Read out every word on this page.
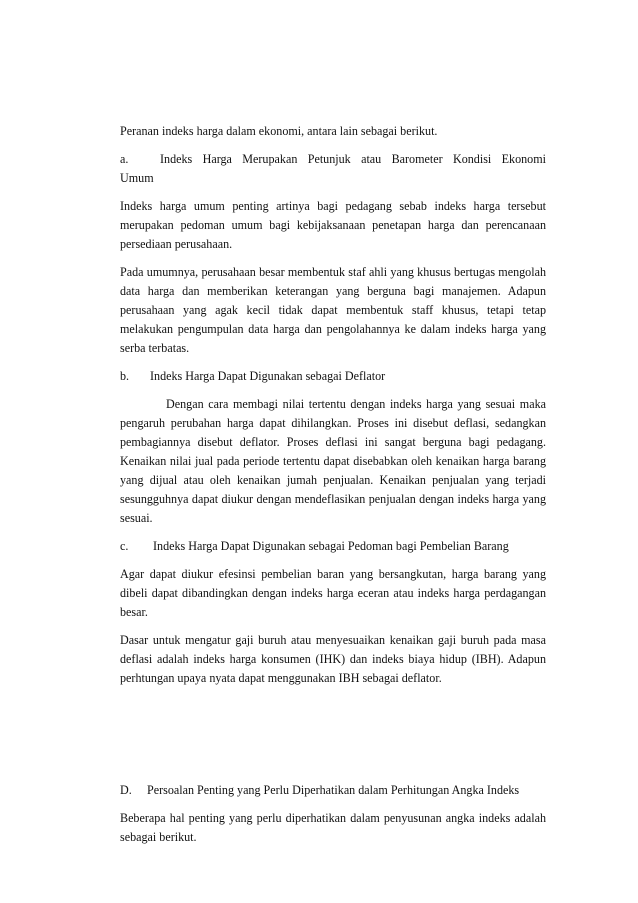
Peranan indeks harga dalam ekonomi, antara lain sebagai berikut.

a.	Indeks Harga Merupakan Petunjuk atau Barometer Kondisi Ekonomi

Umum

Indeks harga umum penting artinya bagi pedagang sebab indeks harga tersebut merupakan pedoman umum bagi kebijaksanaan penetapan harga dan perencanaan persediaan perusahaan.

Pada umumnya, perusahaan besar membentuk staf ahli yang khusus bertugas mengolah data harga dan memberikan keterangan yang berguna bagi manajemen. Adapun perusahaan yang agak kecil tidak dapat membentuk staff khusus, tetapi tetap melakukan pengumpulan data harga dan pengolahannya ke dalam indeks harga yang serba terbatas.

b.	Indeks Harga Dapat Digunakan sebagai Deflator

Dengan cara membagi nilai tertentu dengan indeks harga yang sesuai maka pengaruh perubahan harga dapat dihilangkan. Proses ini disebut deflasi, sedangkan pembagiannya disebut deflator. Proses deflasi ini sangat berguna bagi pedagang. Kenaikan nilai jual pada periode tertentu dapat disebabkan oleh kenaikan harga barang yang dijual atau oleh kenaikan jumah penjualan. Kenaikan penjualan yang terjadi sesungguhnya dapat diukur dengan mendeflasikan penjualan dengan indeks harga yang sesuai.

c.	Indeks Harga Dapat Digunakan sebagai Pedoman bagi Pembelian Barang

Agar dapat diukur efesinsi pembelian baran yang bersangkutan, harga barang yang dibeli dapat dibandingkan dengan indeks harga eceran atau indeks harga perdagangan besar.

Dasar untuk mengatur gaji buruh atau menyesuaikan kenaikan gaji buruh pada masa deflasi adalah indeks harga konsumen (IHK) dan indeks biaya hidup (IBH). Adapun perhtungan upaya nyata dapat menggunakan IBH sebagai deflator.

D.	Persoalan Penting yang Perlu Diperhatikan dalam Perhitungan Angka Indeks

Beberapa hal penting yang perlu diperhatikan dalam penyusunan angka indeks adalah sebagai berikut.
